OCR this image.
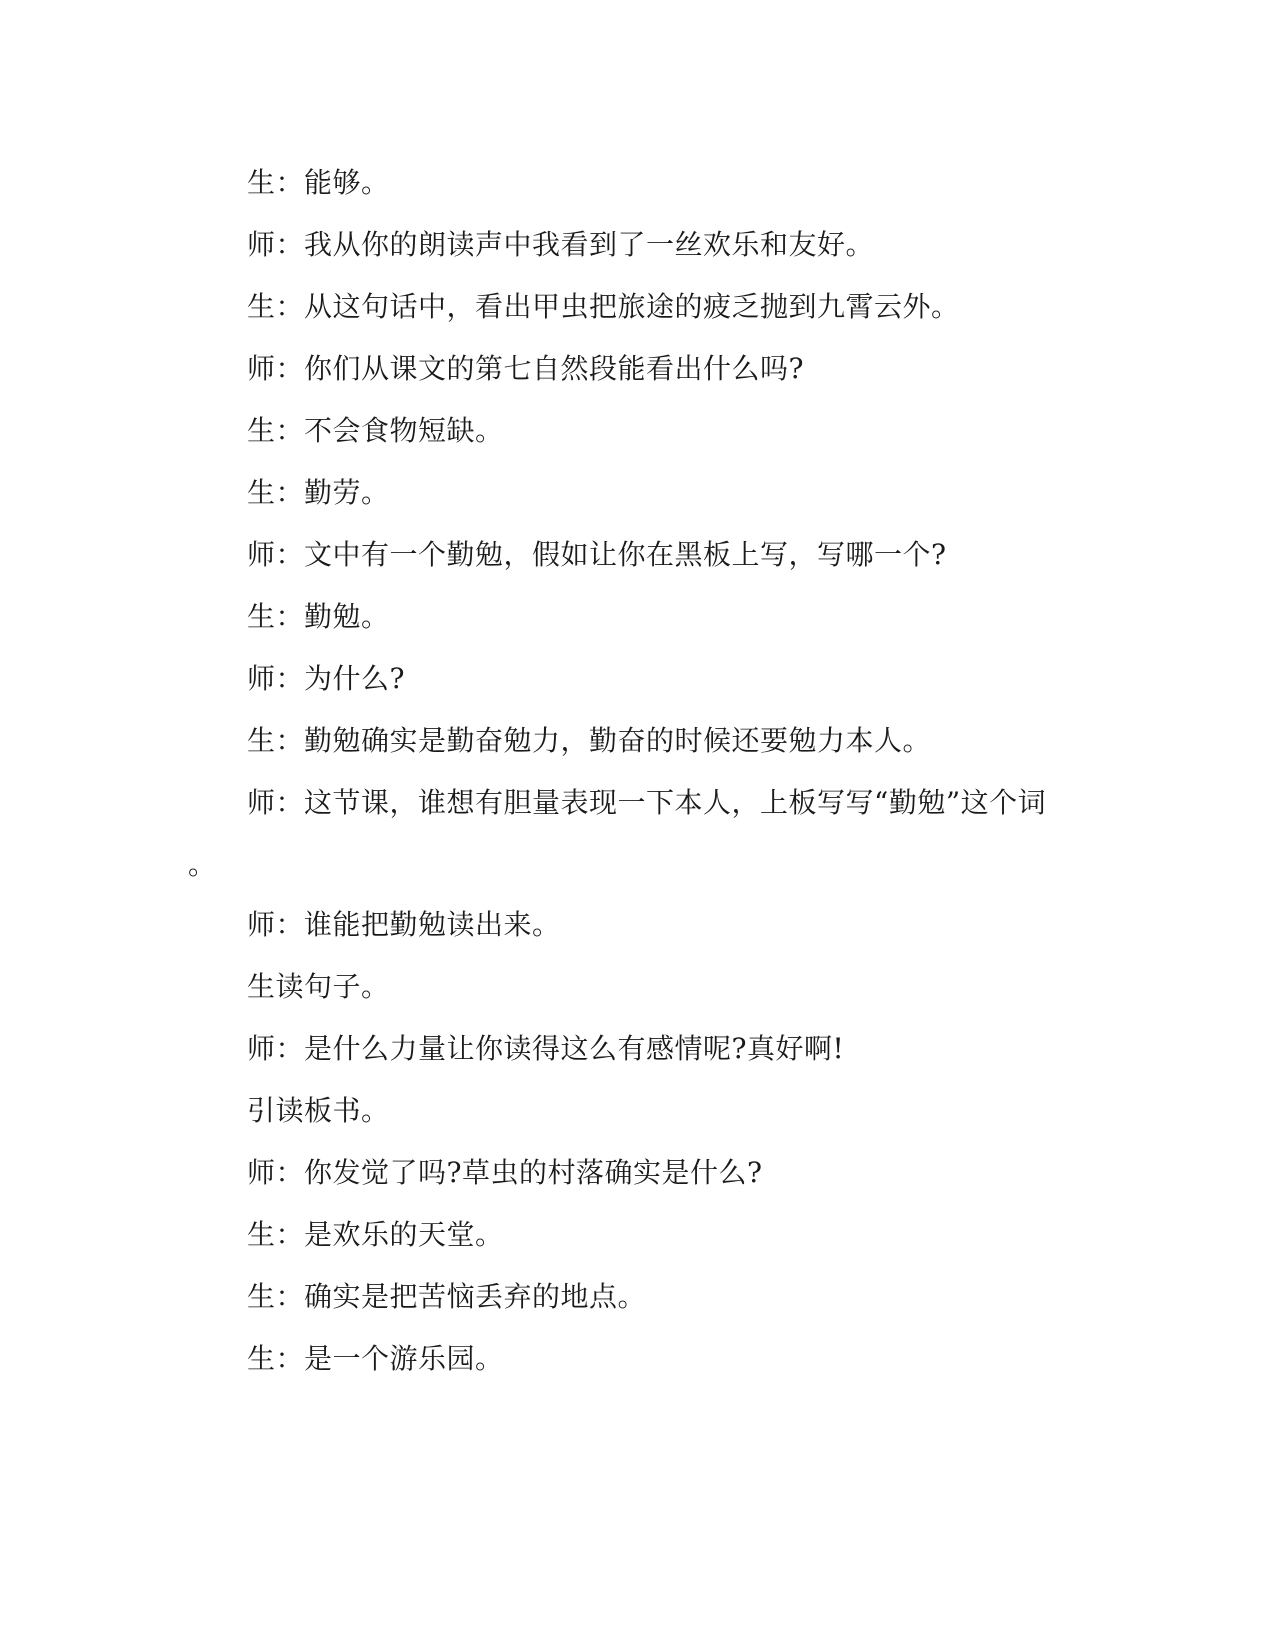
生：能够。

师：我从你的朗读声中我看到了一丝欢乐和友好。

生：从这句话中，看出甲虫把旅途的疲乏抛到九霄云外。

师：你们从课文的第七自然段能看出什么吗?

生：不会食物短缺。

生：勤劳。

师：文中有一个勤勉，假如让你在黑板上写，写哪一个?

生：勤勉。

师：为什么?

生：勤勉确实是勤奋勉力，勤奋的时候还要勉力本人。

师：这节课，谁想有胆量表现一下本人，上板写写“勤勉”这个词

。

师：谁能把勤勉读出来。

生读句子。

师：是什么力量让你读得这么有感情呢?真好啊!

引读板书。

师：你发觉了吗?草虫的村落确实是什么?

生：是欢乐的天堂。

生：确实是把苦恼丢弃的地点。

生：是一个游乐园。
